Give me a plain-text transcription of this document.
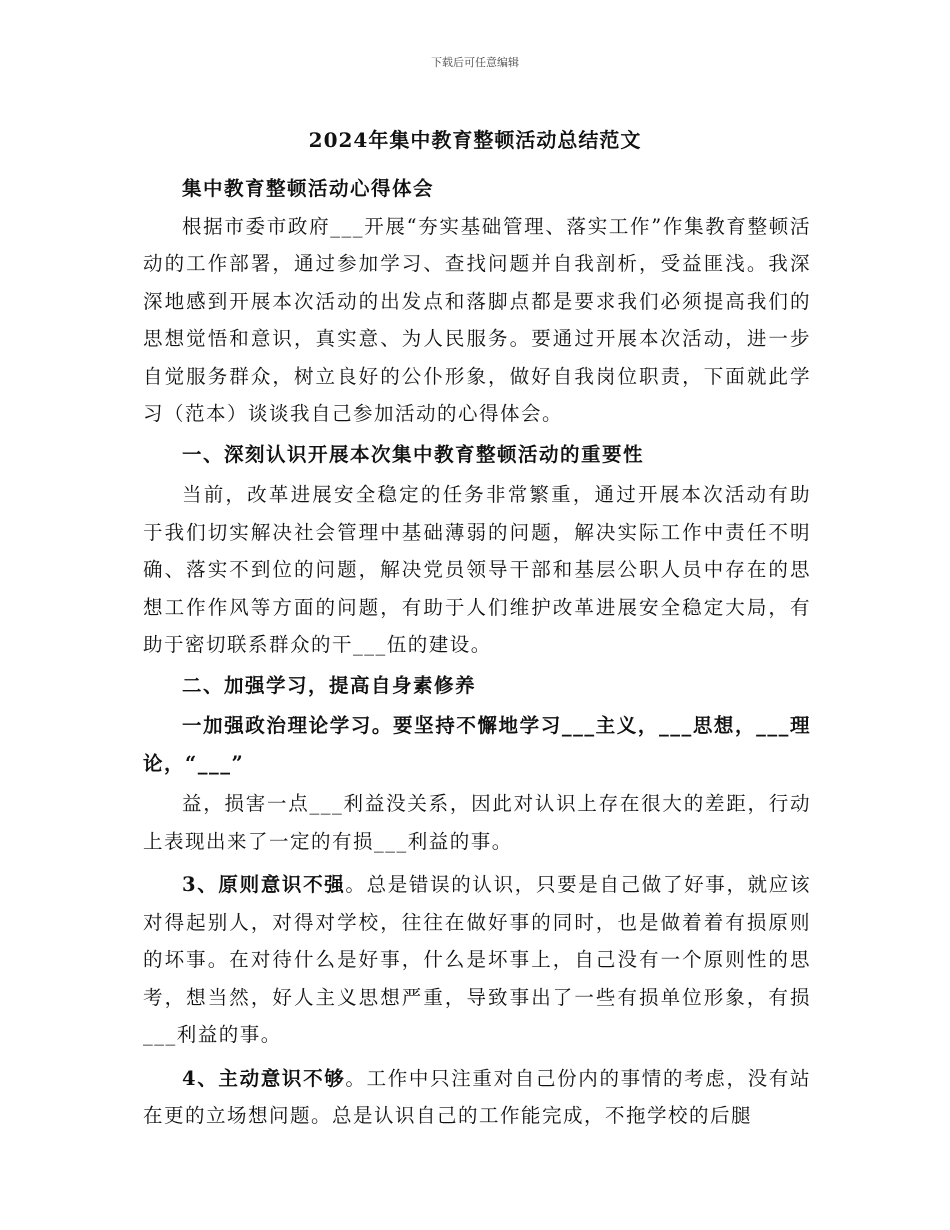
下载后可任意编辑
2024年集中教育整顿活动总结范文

集中教育整顿活动心得体会

根据市委市政府___开展“夯实基础管理、落实工作”作集教育整顿活动的工作部署，通过参加学习、查找问题并自我剖析，受益匪浅。我深深地感到开展本次活动的出发点和落脚点都是要求我们必须提高我们的思想觉悟和意识，真实意、为人民服务。要通过开展本次活动，进一步自觉服务群众，树立良好的公仆形象，做好自我岗位职责，下面就此学习（范本）谈谈我自己参加活动的心得体会。

一、深刻认识开展本次集中教育整顿活动的重要性

当前，改革进展安全稳定的任务非常繁重，通过开展本次活动有助于我们切实解决社会管理中基础薄弱的问题，解决实际工作中责任不明确、落实不到位的问题，解决党员领导干部和基层公职人员中存在的思想工作作风等方面的问题，有助于人们维护改革进展安全稳定大局，有助于密切联系群众的干___伍的建设。

二、加强学习，提高自身素修养

一加强政治理论学习。要坚持不懈地学习___主义，___思想，___理论，“___”

益，损害一点___利益没关系，因此对认识上存在很大的差距，行动上表现出来了一定的有损___利益的事。

3、原则意识不强。总是错误的认识，只要是自己做了好事，就应该对得起别人，对得对学校，往往在做好事的同时，也是做着着有损原则的坏事。在对待什么是好事，什么是坏事上，自己没有一个原则性的思考，想当然，好人主义思想严重，导致事出了一些有损单位形象，有损___利益的事。

4、主动意识不够。工作中只注重对自己份内的事情的考虑，没有站在更的立场想问题。总是认识自己的工作能完成，不拖学校的后腿
